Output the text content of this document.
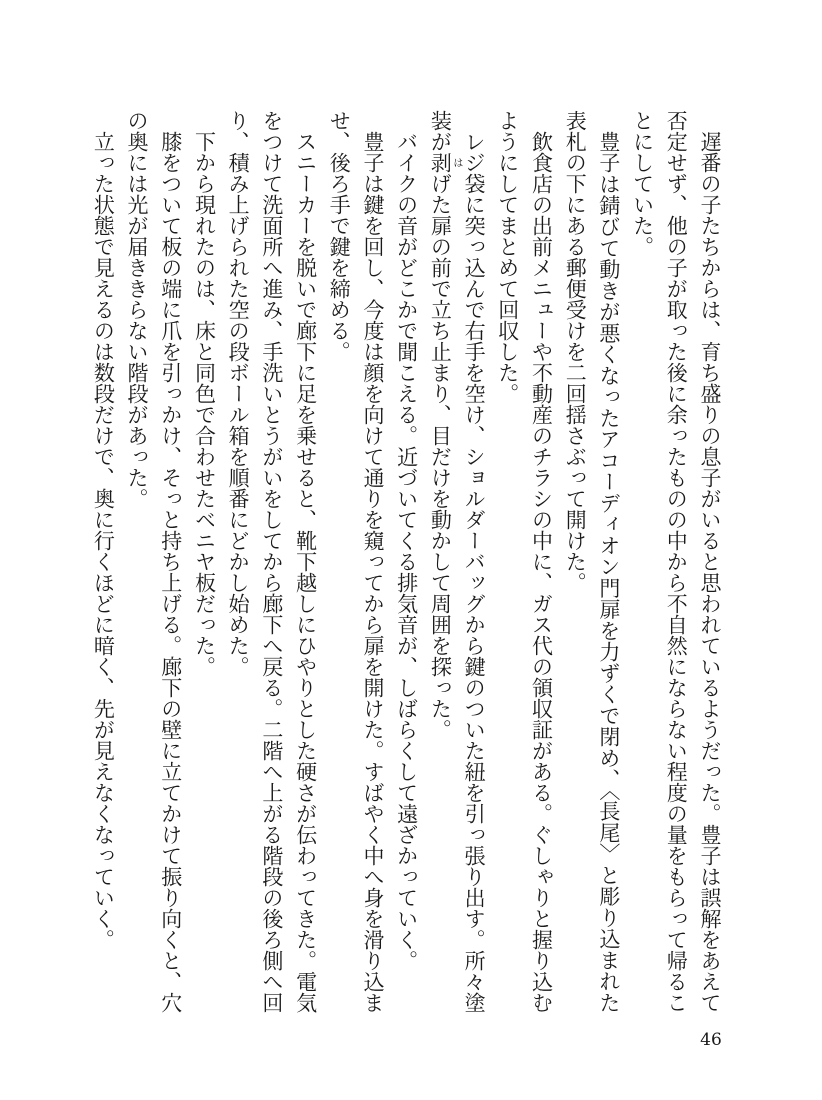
遅番の子たちからは、育ち盛りの息子がいると思われているようだった。豊子は誤解をあえて否定せず、他の子が取った後に余ったものの中から不自然にならない程度の量をもらって帰ることにしていた。

豊子は錆びて動きが悪くなったアコーディオン門扉を力ずくで閉め、〈長尾〉と彫り込まれた表札の下にある郵便受けを二回揺さぶって開けた。

飲食店の出前メニューや不動産のチラシの中に、ガス代の領収証がある。ぐしゃりと握り込むようにしてまとめて回収した。

レジ袋に突っ込んで右手を空け、ショルダーバッグから鍵のついた紐を引っ張り出す。所々塗装が剥はげた扉の前で立ち止まり、目だけを動かして周囲を探った。

バイクの音がどこかで聞こえる。近づいてくる排気音が、しばらくして遠ざかっていく。

豊子は鍵を回し、今度は顔を向けて通りを窺ってから扉を開けた。すばやく中へ身を滑り込ませ、後ろ手で鍵を締める。

スニーカーを脱いで廊下に足を乗せると、靴下越しにひやりとした硬さが伝わってきた。電気をつけて洗面所へ進み、手洗いとうがいをしてから廊下へ戻る。二階へ上がる階段の後ろ側へ回り、積み上げられた空の段ボール箱を順番にどかし始めた。

下から現れたのは、床と同色で合わせたベニヤ板だった。

膝をついて板の端に爪を引っかけ、そっと持ち上げる。廊下の壁に立てかけて振り向くと、穴の奥には光が届ききらない階段があった。

立った状態で見えるのは数段だけで、奥に行くほどに暗く、先が見えなくなっていく。

46
